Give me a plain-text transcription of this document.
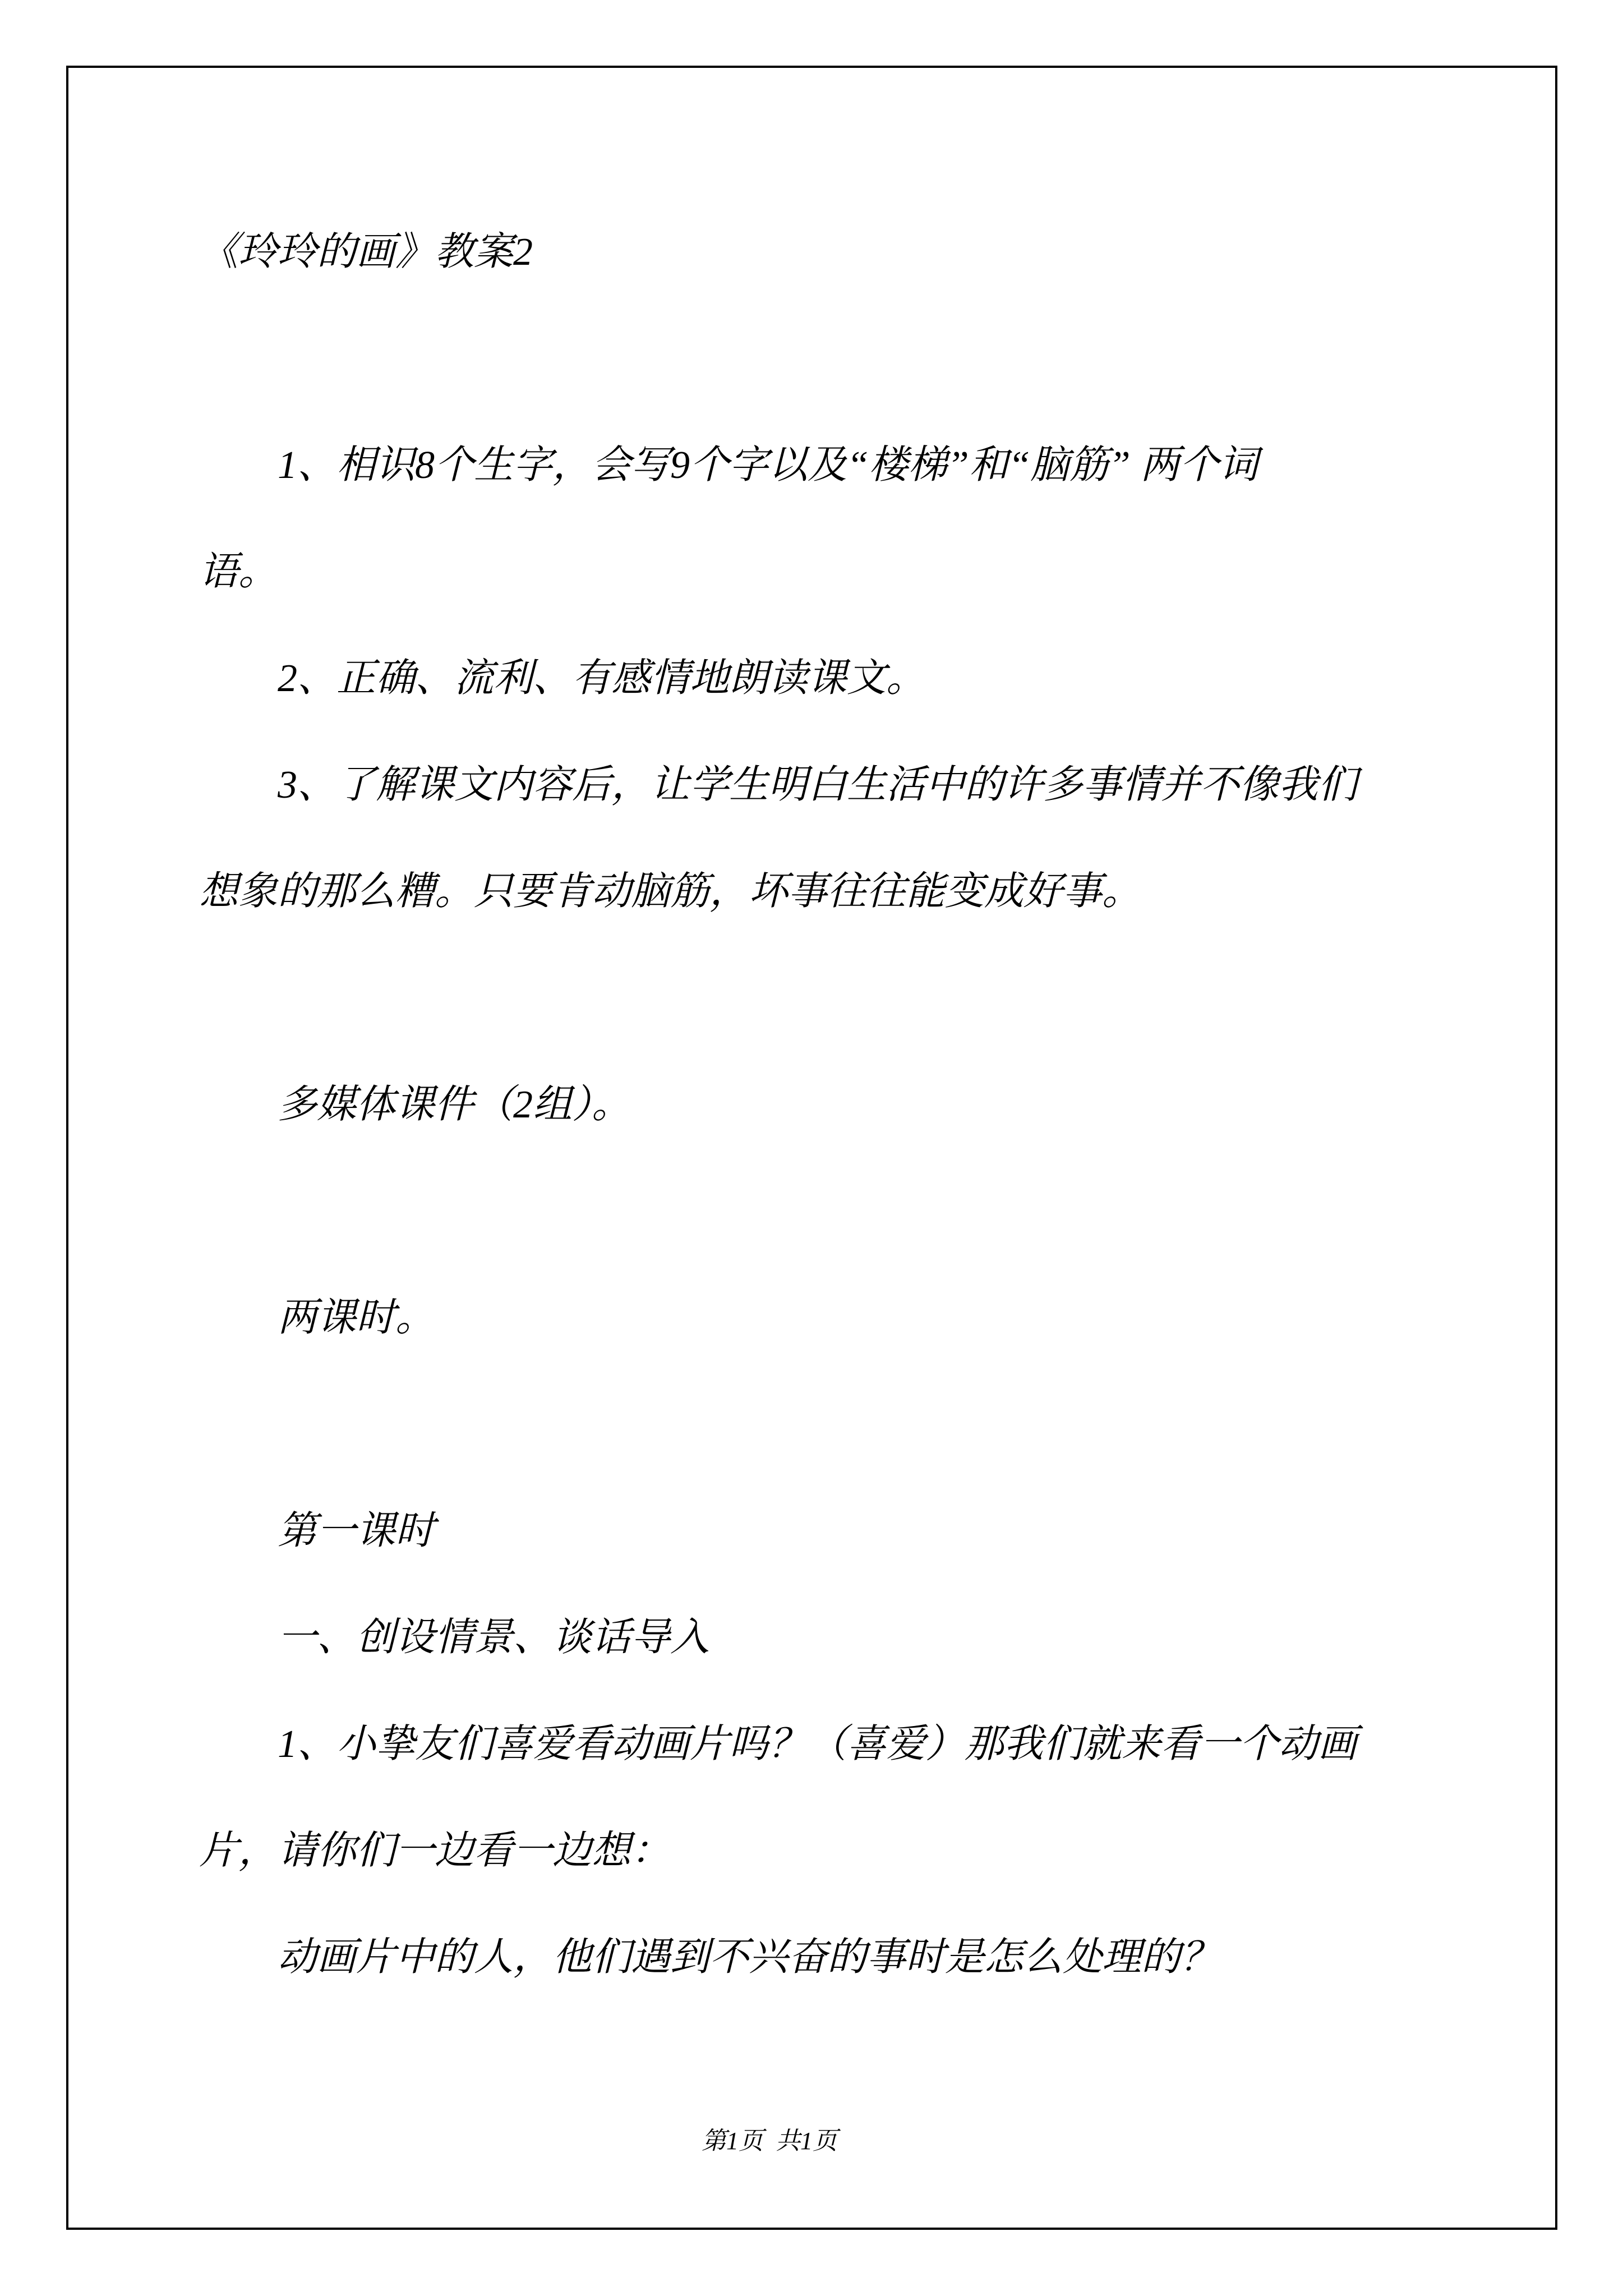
《玲玲的画》教案2

1、相识8个生字，会写9个字以及“楼梯”和“脑筋” 两个词
语。
2、正确、流利、有感情地朗读课文。
3、了解课文内容后，让学生明白生活中的许多事情并不像我们
想象的那么糟。只要肯动脑筋，坏事往往能变成好事。

多媒体课件（2组）。

两课时。

第一课时
一、创设情景、谈话导入
1、小挚友们喜爱看动画片吗？（喜爱）那我们就来看一个动画
片，请你们一边看一边想：
动画片中的人，他们遇到不兴奋的事时是怎么处理的？
第1页  共1页
